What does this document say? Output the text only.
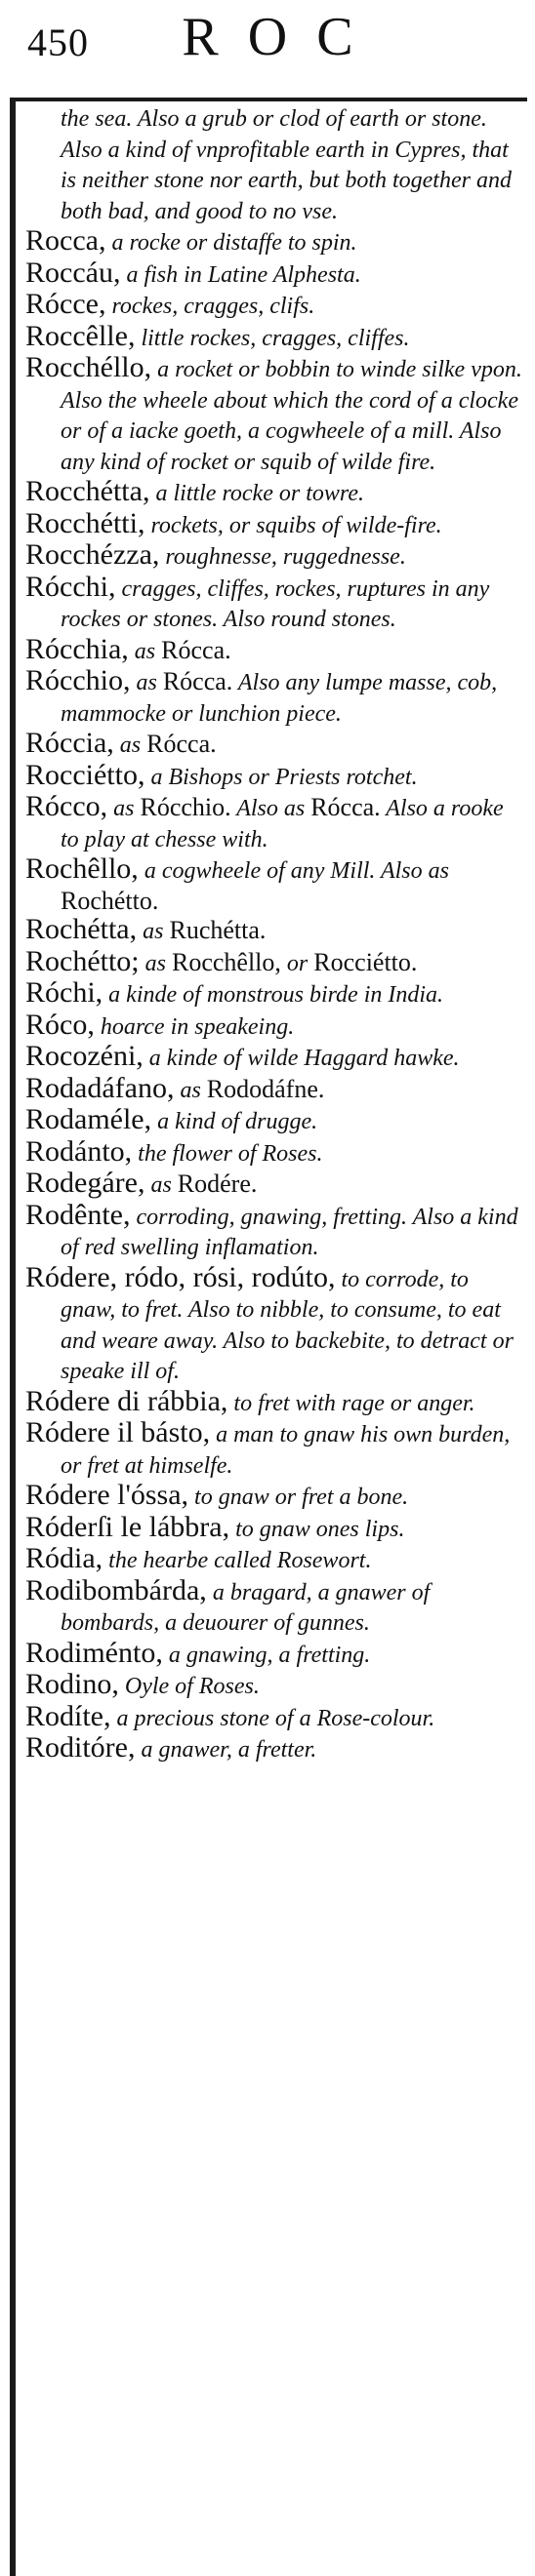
450	ROC

the sea. Also a grub or clod of earth or stone. Also a kind of vnprofitable earth in Cypres, that is neither stone nor earth, but both together and both bad, and good to no vse.

Rocca, a rocke or distaffe to spin.

Roccáu, a fish in Latine Alphesta.

Rócce, rockes, cragges, clifs.

Roccêlle, little rockes, cragges, cliffes.

Rocchéllo, a rocket or bobbin to winde silke vpon. Also the wheele about which the cord of a clocke or of a iacke goeth, a cogwheele of a mill. Also any kind of rocket or squib of wilde fire.

Rocchétta, a little rocke or towre.

Rocchétti, rockets, or squibs of wilde-fire.

Rocchézza, roughnesse, ruggednesse.

Rócchi, cragges, cliffes, rockes, ruptures in any rockes or stones. Also round stones.

Rócchia, as Rócca.

Rócchio, as Rócca. Also any lumpe masse, cob, mammocke or lunchion piece.

Róccia, as Rócca.

Rocciétto, a Bishops or Priests rotchet.

Rócco, as Rócchio. Also as Rócca. Also a rooke to play at chesse with.

Rochêllo, a cogwheele of any Mill. Also as Rochétto.

Rochétta, as Ruchétta.

Rochétto; as Rocchêllo, or Rocciétto.

Róchi, a kinde of monstrous birde in India.

Róco, hoarce in speakeing.

Rocozéni, a kinde of wilde Haggard hawke.

Rodadáfano, as Rododáfne.

Rodaméle, a kind of drugge.

Rodánto, the flower of Roses.

Rodegáre, as Rodére.

Rodênte, corroding, gnawing, fretting. Also a kind of red swelling inflamation.

Ródere, ródo, rósi, rodúto, to corrode, to gnaw, to fret. Also to nibble, to consume, to eat and weare away. Also to backebite, to detract or speake ill of.

Ródere di rábbia, to fret with rage or anger.

Ródere il básto, a man to gnaw his own burden, or fret at himselfe.

Ródere l'óssa, to gnaw or fret a bone.

Róderſi le lábbra, to gnaw ones lips.

Ródia, the hearbe called Rosewort.

Rodibombárda, a bragard, a gnawer of bombards, a deuourer of gunnes.

Rodiménto, a gnawing, a fretting.

Rodino, Oyle of Roses.

Rodíte, a precious stone of a Rose-colour.

Roditóre, a gnawer, a fretter.
